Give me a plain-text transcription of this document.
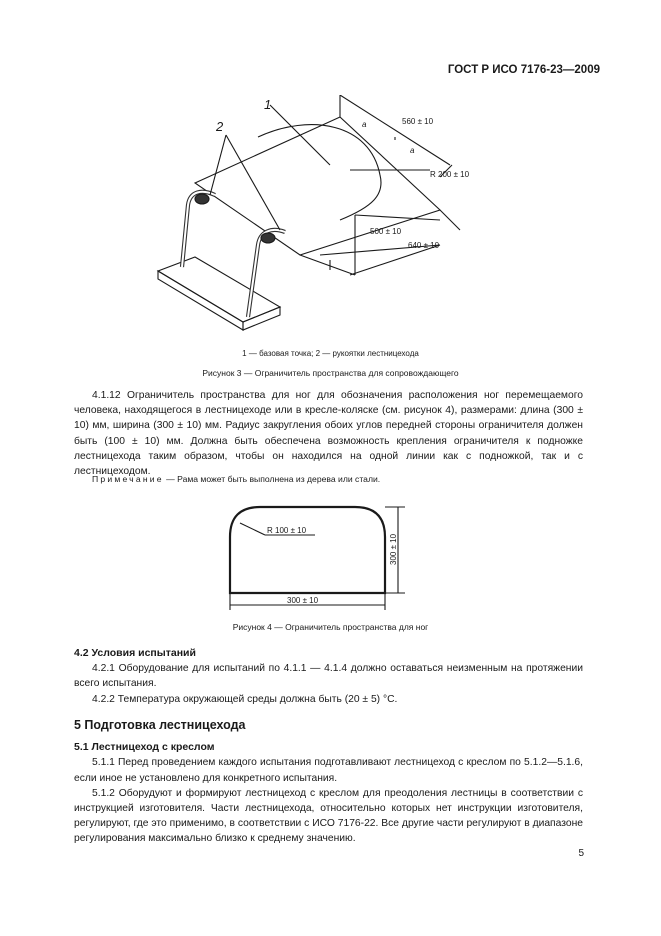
ГОСТ Р ИСО 7176-23—2009
1
2	a
a
560 ± 10
R 200 ± 10
500 ± 10
640 ± 10
1 — базовая точка; 2 — рукоятки лестницехода
Рисунок 3 — Ограничитель пространства для сопровождающего

4.1.12 Ограничитель пространства для ног для обозначения расположения ног перемещаемого человека, находящегося в лестницеходе или в кресле-коляске (см. рисунок 4), размерами: длина (300 ± 10) мм, ширина (300 ± 10) мм. Радиус закругления обоих углов передней стороны ограничителя должен быть (100 ± 10) мм. Должна быть обеспечена возможность крепления ограничителя к подножке лестницехода таким образом, чтобы он находился на одной линии как с подножкой, так и с лестницеходом.

Примечание — Рама может быть выполнена из дерева или стали.
R 100 ± 10
300 ± 10
300 ± 10
Рисунок 4 — Ограничитель пространства для ног

4.2 Условия испытаний

4.2.1 Оборудование для испытаний по 4.1.1 — 4.1.4 должно оставаться неизменным на протяжении всего испытания.

4.2.2 Температура окружающей среды должна быть (20 ± 5) °C.

5 Подготовка лестницехода

5.1 Лестницеход с креслом

5.1.1 Перед проведением каждого испытания подготавливают лестницеход с креслом по 5.1.2—5.1.6, если иное не установлено для конкретного испытания.

5.1.2 Оборудуют и формируют лестницеход с креслом для преодоления лестницы в соответствии с инструкцией изготовителя. Части лестницехода, относительно которых нет инструкции изготовителя, регулируют, где это применимо, в соответствии с ИСО 7176-22. Все другие части регулируют в диапазоне регулирования максимально близко к среднему значению.

5
